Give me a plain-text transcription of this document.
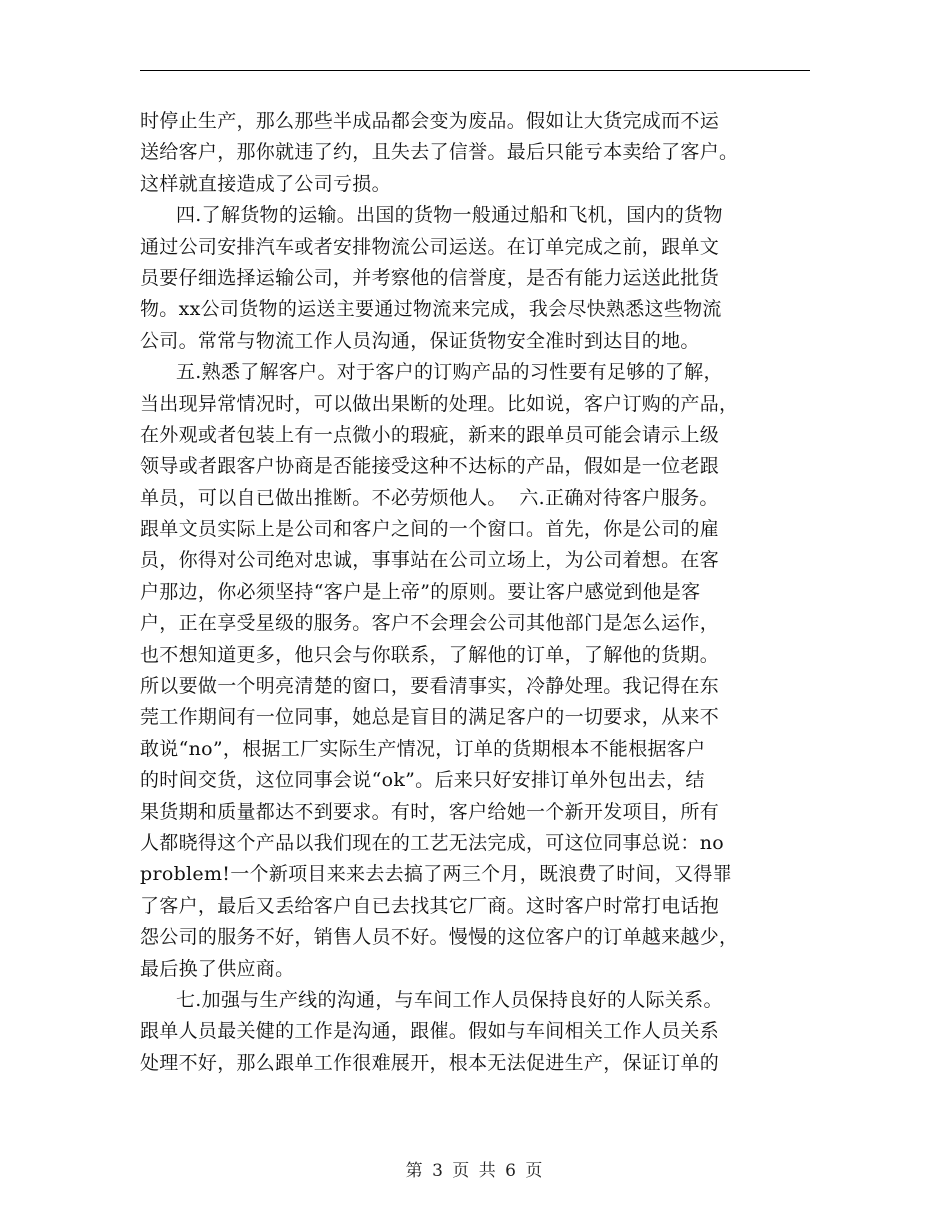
时停止生产，那么那些半成品都会变为废品。假如让大货完成而不运
送给客户，那你就违了约，且失去了信誉。最后只能亏本卖给了客户。
这样就直接造成了公司亏损。
四.了解货物的运输。出国的货物一般通过船和飞机，国内的货物
通过公司安排汽车或者安排物流公司运送。在订单完成之前，跟单文
员要仔细选择运输公司，并考察他的信誉度，是否有能力运送此批货
物。xx公司货物的运送主要通过物流来完成，我会尽快熟悉这些物流
公司。常常与物流工作人员沟通，保证货物安全准时到达目的地。
五.熟悉了解客户。对于客户的订购产品的习性要有足够的了解，
当出现异常情况时，可以做出果断的处理。比如说，客户订购的产品，
在外观或者包装上有一点微小的瑕疵，新来的跟单员可能会请示上级
领导或者跟客户协商是否能接受这种不达标的产品，假如是一位老跟
单员，可以自已做出推断。不必劳烦他人。  六.正确对待客户服务。
跟单文员实际上是公司和客户之间的一个窗口。首先，你是公司的雇
员，你得对公司绝对忠诚，事事站在公司立场上，为公司着想。在客
户那边，你必须坚持“客户是上帝”的原则。要让客户感觉到他是客
户，正在享受星级的服务。客户不会理会公司其他部门是怎么运作，
也不想知道更多，他只会与你联系，了解他的订单，了解他的货期。
所以要做一个明亮清楚的窗口，要看清事实，冷静处理。我记得在东
莞工作期间有一位同事，她总是盲目的满足客户的一切要求，从来不
敢说“no”，根据工厂实际生产情况，订单的货期根本不能根据客户
的时间交货，这位同事会说“ok”。后来只好安排订单外包出去，结
果货期和质量都达不到要求。有时，客户给她一个新开发项目，所有
人都晓得这个产品以我们现在的工艺无法完成，可这位同事总说：no
problem!一个新项目来来去去搞了两三个月，既浪费了时间，又得罪
了客户，最后又丢给客户自已去找其它厂商。这时客户时常打电话抱
怨公司的服务不好，销售人员不好。慢慢的这位客户的订单越来越少，
最后换了供应商。
七.加强与生产线的沟通，与车间工作人员保持良好的人际关系。
跟单人员最关健的工作是沟通，跟催。假如与车间相关工作人员关系
处理不好，那么跟单工作很难展开，根本无法促进生产，保证订单的
第 3 页 共 6 页
